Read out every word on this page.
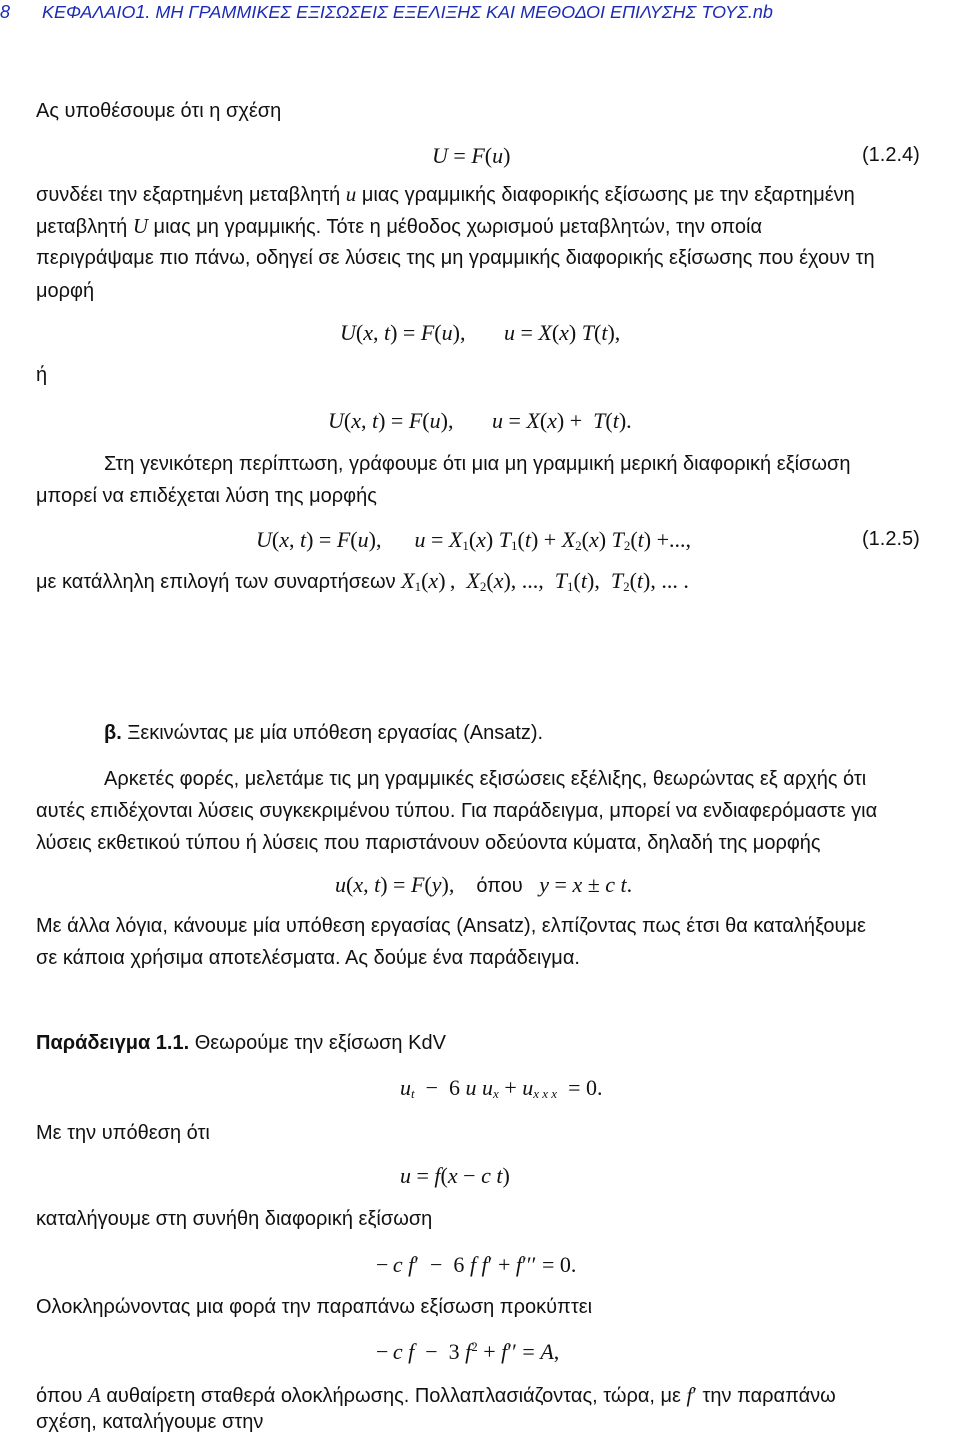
8 ΚΕΦΑΛΑΙΟ1. ΜΗ ΓΡΑΜΜΙΚΕΣ ΕΞΙΣΩΣΕΙΣ ΕΞΕΛΙΞΗΣ ΚΑΙ ΜΕΘΟΔΟΙ ΕΠΙΛΥΣΗΣ ΤΟΥΣ.nb
Ας υποθέσουμε ότι η σχέση
U = F(u)	(1.2.4)
συνδέει την εξαρτημένη μεταβλητή u μιας γραμμικής διαφορικής εξίσωσης με την εξαρτημένη
μεταβλητή U μιας μη γραμμικής. Τότε η μέθοδος χωρισμού μεταβλητών, την οποία
περιγράψαμε πιο πάνω, οδηγεί σε λύσεις της μη γραμμικής διαφορικής εξίσωσης που έχουν τη
μορφή
U(x, t) = F(u),       u = X(x) T(t),
ή
U(x, t) = F(u),       u = X(x) +  T(t).
Στη γενικότερη περίπτωση, γράφουμε ότι μια μη γραμμική μερική διαφορική εξίσωση
μπορεί να επιδέχεται λύση της μορφής
U(x, t) = F(u),      $u = X_1(x) T_1(t) + X_2(x)$ $T_2(t)$ +...,	(1.2.5)
με κατάλληλη επιλογή των συναρτήσεων $X_1(x)$ ,  $X_2(x)$, ...,  $T_1(t)$,  $T_2(t)$, ... .
β. Ξεκινώντας με μία υπόθεση εργασίας (Ansatz).
Αρκετές φορές, μελετάμε τις μη γραμμικές εξισώσεις εξέλιξης, θεωρώντας εξ αρχής ότι
αυτές επιδέχονται λύσεις συγκεκριμένου τύπου. Για παράδειγμα, μπορεί να ενδιαφερόμαστε για
λύσεις εκθετικού τύπου ή λύσεις που παριστάνουν οδεύοντα κύματα, δηλαδή της μορφής
u(x, t) = F(y),    όπου y = x ± c t.
Με άλλα λόγια, κάνουμε μία υπόθεση εργασίας (Ansatz), ελπίζοντας πως έτσι θα καταλήξουμε
σε κάποια χρήσιμα αποτελέσματα. Ας δούμε ένα παράδειγμα.
Παράδειγμα 1.1. Θεωρούμε την εξίσωση KdV
$u_t - 6$ u $u_x + u_{x x x} = 0$.
Με την υπόθεση ότι
u = f(x − c t)
καταλήγουμε στη συνήθη διαφορική εξίσωση
− c f′  −  6 f f′ + f′′′ = 0.
Ολοκληρώνοντας μια φορά την παραπάνω εξίσωση προκύπτει
− c f  −  3 $f^2 + f'' = A$,
όπου A αυθαίρετη σταθερά ολοκλήρωσης. Πολλαπλασιάζοντας, τώρα, με f′ την παραπάνω
σχέση, καταλήγουμε στην
